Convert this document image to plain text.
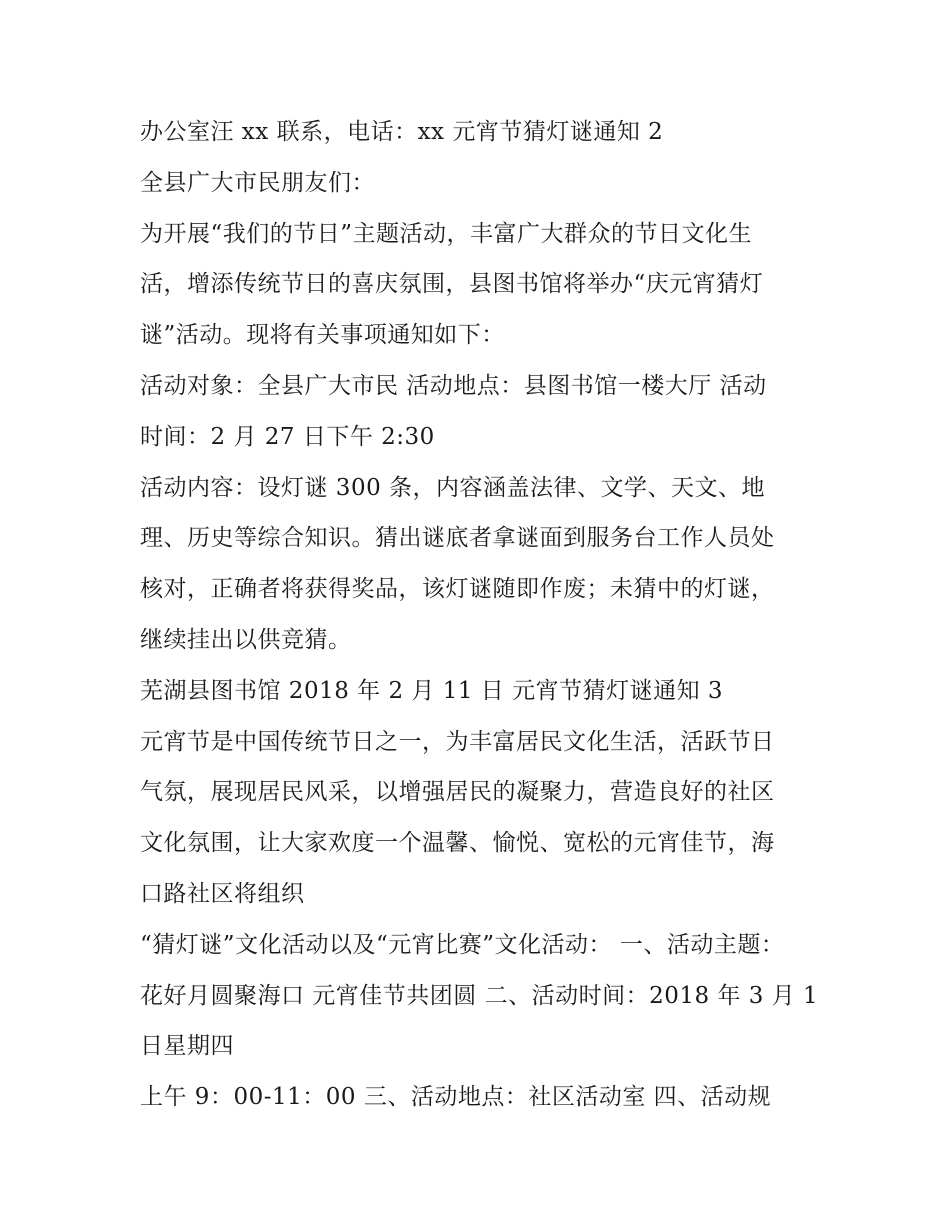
办公室汪 xx 联系，电话：xx 元宵节猜灯谜通知 2
全县广大市民朋友们：
为开展“我们的节日”主题活动，丰富广大群众的节日文化生
活，增添传统节日的喜庆氛围，县图书馆将举办“庆元宵猜灯
谜”活动。现将有关事项通知如下：
活动对象：全县广大市民 活动地点：县图书馆一楼大厅 活动
时间：2 月 27 日下午 2:30
活动内容：设灯谜 300 条，内容涵盖法律、文学、天文、地
理、历史等综合知识。猜出谜底者拿谜面到服务台工作人员处
核对，正确者将获得奖品，该灯谜随即作废；未猜中的灯谜，
继续挂出以供竞猜。
芜湖县图书馆 2018 年 2 月 11 日 元宵节猜灯谜通知 3
元宵节是中国传统节日之一，为丰富居民文化生活，活跃节日
气氛，展现居民风采，以增强居民的凝聚力，营造良好的社区
文化氛围，让大家欢度一个温馨、愉悦、宽松的元宵佳节，海
口路社区将组织
“猜灯谜”文化活动以及“元宵比赛”文化活动： 一、活动主题：
花好月圆聚海口 元宵佳节共团圆 二、活动时间：2018 年 3 月 1
日星期四
上午 9：00-11：00 三、活动地点：社区活动室 四、活动规
